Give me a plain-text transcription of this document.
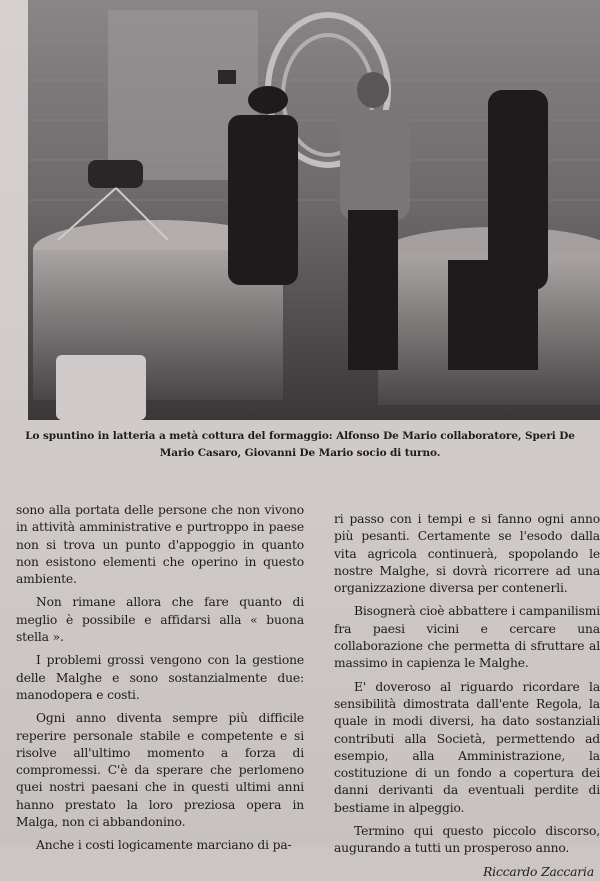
Lo spuntino in latteria a metà cottura del formaggio: Alfonso De Mario collaboratore, Speri De
Mario Casaro, Giovanni De Mario socio di turno.

sono alla portata delle persone che non vivono in attività amministrative e purtroppo in paese non si trova un punto d'appoggio in quanto non esistono elementi che operino in questo ambiente.

Non rimane allora che fare quanto di meglio è possibile e affidarsi alla « buona stella ».

I problemi grossi vengono con la gestione delle Malghe e sono sostanzialmente due: manodopera e costi.

Ogni anno diventa sempre più difficile reperire personale stabile e competente e si risolve all'ultimo momento a forza di compromessi. C'è da sperare che perlomeno quei nostri paesani che in questi ultimi anni hanno prestato la loro preziosa opera in Malga, non ci abbandonino.

Anche i costi logicamente marciano di pa-

ri passo con i tempi e si fanno ogni anno più pesanti. Certamente se l'esodo dalla vita agricola continuerà, spopolando le nostre Malghe, si dovrà ricorrere ad una organizzazione diversa per contenerli.

Bisognerà cioè abbattere i campanilismi fra paesi vicini e cercare una collaborazione che permetta di sfruttare al massimo in capienza le Malghe.

E' doveroso al riguardo ricordare la sensibilità dimostrata dall'ente Regola, la quale in modi diversi, ha dato sostanziali contributi alla Società, permettendo ad esempio, alla Amministrazione, la costituzione di un fondo a copertura dei danni derivanti da eventuali perdite di bestiame in alpeggio.

Termino qui questo piccolo discorso, augurando a tutti un prosperoso anno.

Riccardo Zaccaria
